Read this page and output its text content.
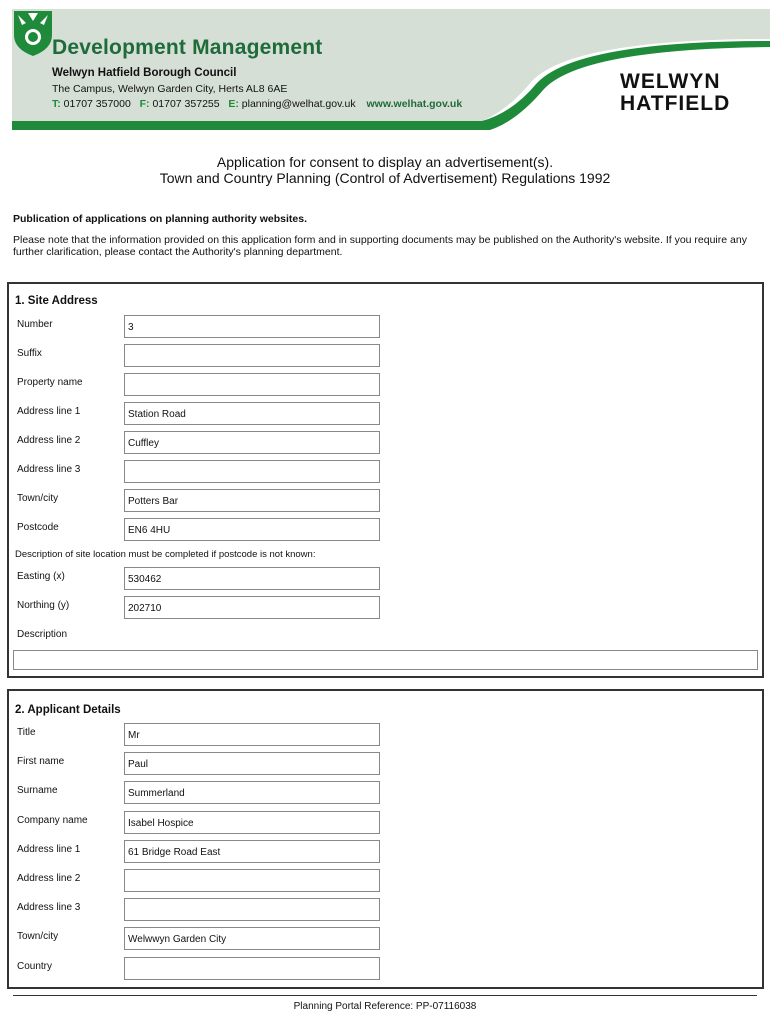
Development Management
Welwyn Hatfield Borough Council
The Campus, Welwyn Garden City, Herts AL8 6AE
T: 01707 357000 F: 01707 357255 E: planning@welhat.gov.uk www.welhat.gov.uk
WELWYN
HATFIELD
Application for consent to display an advertisement(s).
Town and Country Planning (Control of Advertisement) Regulations 1992
Publication of applications on planning authority websites.
Please note that the information provided on this application form and in supporting documents may be published on the Authority's website. If you require any further clarification, please contact the Authority's planning department.
1. Site Address
Number	3
Suffix
Property name
Address line 1	Station Road
Address line 2	Cuffley
Address line 3
Town/city	Potters Bar
Postcode	EN6 4HU
Description of site location must be completed if postcode is not known:
Easting (x)	530462
Northing (y)	202710
Description
2. Applicant Details
Title	Mr
First name	Paul
Surname	Summerland
Company name	Isabel Hospice
Address line 1	61 Bridge Road East
Address line 2
Address line 3
Town/city	Welwwyn Garden City
Country
Planning Portal Reference: PP-07116038
